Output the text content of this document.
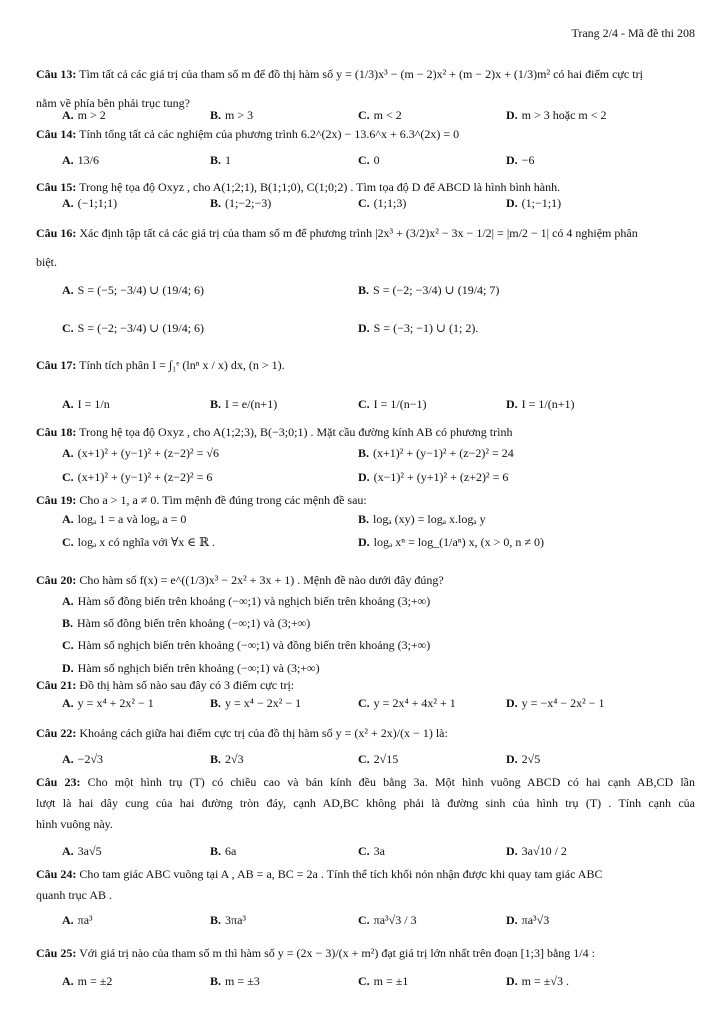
Trang 2/4 - Mã đề thi 208
Câu 13: Tìm tất cả các giá trị của tham số m để đồ thị hàm số y = (1/3)x³ − (m − 2)x² + (m − 2)x + (1/3)m² có hai điểm cực trị
nằm về phía bên phải trục tung?
A. m > 2	B. m > 3	C. m < 2	D. m > 3 hoặc m < 2
Câu 14: Tính tổng tất cả các nghiệm của phương trình 6.2^(2x) − 13.6^x + 6.3^(2x) = 0
A. 13/6	B. 1	C. 0	D. −6
Câu 15: Trong hệ tọa độ Oxyz , cho A(1;2;1), B(1;1;0), C(1;0;2) . Tìm tọa độ D để ABCD là hình bình hành.
A. (−1;1;1)	B. (1;−2;−3)	C. (1;1;3)	D. (1;−1;1)
Câu 16: Xác định tập tất cả các giá trị của tham số m để phương trình |2x³ + (3/2)x² − 3x − 1/2| = |m/2 − 1| có 4 nghiệm phân
biệt.
A. S = (−5; −3/4) ∪ (19/4; 6)	B. S = (−2; −3/4) ∪ (19/4; 7)
C. S = (−2; −3/4) ∪ (19/4; 6)	D. S = (−3; −1) ∪ (1; 2).
Câu 17: Tính tích phân I = ∫₁ᵉ (lnⁿ x / x) dx, (n > 1).
A. I = 1/n	B. I = e/(n+1)	C. I = 1/(n−1)	D. I = 1/(n+1)
Câu 18: Trong hệ tọa độ Oxyz , cho A(1;2;3), B(−3;0;1) . Mặt cầu đường kính AB có phương trình
A. (x+1)² + (y−1)² + (z−2)² = √6	B. (x+1)² + (y−1)² + (z−2)² = 24
C. (x+1)² + (y−1)² + (z−2)² = 6	D. (x−1)² + (y+1)² + (z+2)² = 6
Câu 19: Cho a > 1, a ≠ 0. Tìm mệnh đề đúng trong các mệnh đề sau:
A. logₐ 1 = a và logₐ a = 0	B. logₐ (xy) = logₐ x.logₐ y
C. logₐ x có nghĩa với ∀x ∈ ℝ .	D. logₐ xⁿ = log_(1/aⁿ) x, (x > 0, n ≠ 0)
Câu 20: Cho hàm số f(x) = e^((1/3)x³ − 2x² + 3x + 1) . Mệnh đề nào dưới đây đúng?
A. Hàm số đồng biến trên khoảng (−∞;1) và nghịch biến trên khoảng (3;+∞)
B. Hàm số đồng biến trên khoảng (−∞;1) và (3;+∞)
C. Hàm số nghịch biến trên khoảng (−∞;1) và đồng biến trên khoảng (3;+∞)
D. Hàm số nghịch biến trên khoảng (−∞;1) và (3;+∞)
Câu 21: Đồ thị hàm số nào sau đây có 3 điểm cực trị:
A. y = x⁴ + 2x² − 1	B. y = x⁴ − 2x² − 1	C. y = 2x⁴ + 4x² + 1	D. y = −x⁴ − 2x² − 1
Câu 22: Khoảng cách giữa hai điểm cực trị của đồ thị hàm số y = (x² + 2x)/(x − 1) là:
A. −2√3	B. 2√3	C. 2√15	D. 2√5
Câu 23: Cho một hình trụ (T) có chiều cao và bán kính đều bằng 3a. Một hình vuông ABCD có hai cạnh AB,CD lần
lượt là hai dây cung của hai đường tròn đáy, cạnh AD,BC không phải là đường sinh của hình trụ (T) . Tính cạnh của
hình vuông này.
A. 3a√5	B. 6a	C. 3a	D. 3a√10 / 2
Câu 24: Cho tam giác ABC vuông tại A , AB = a, BC = 2a . Tính thể tích khối nón nhận được khi quay tam giác ABC
quanh trục AB .
A. πa³	B. 3πa³	C. πa³√3 / 3	D. πa³√3
Câu 25: Với giá trị nào của tham số m thì hàm số y = (2x − 3)/(x + m²) đạt giá trị lớn nhất trên đoạn [1;3] bằng 1/4 :
A. m = ±2	B. m = ±3	C. m = ±1	D. m = ±√3 .
